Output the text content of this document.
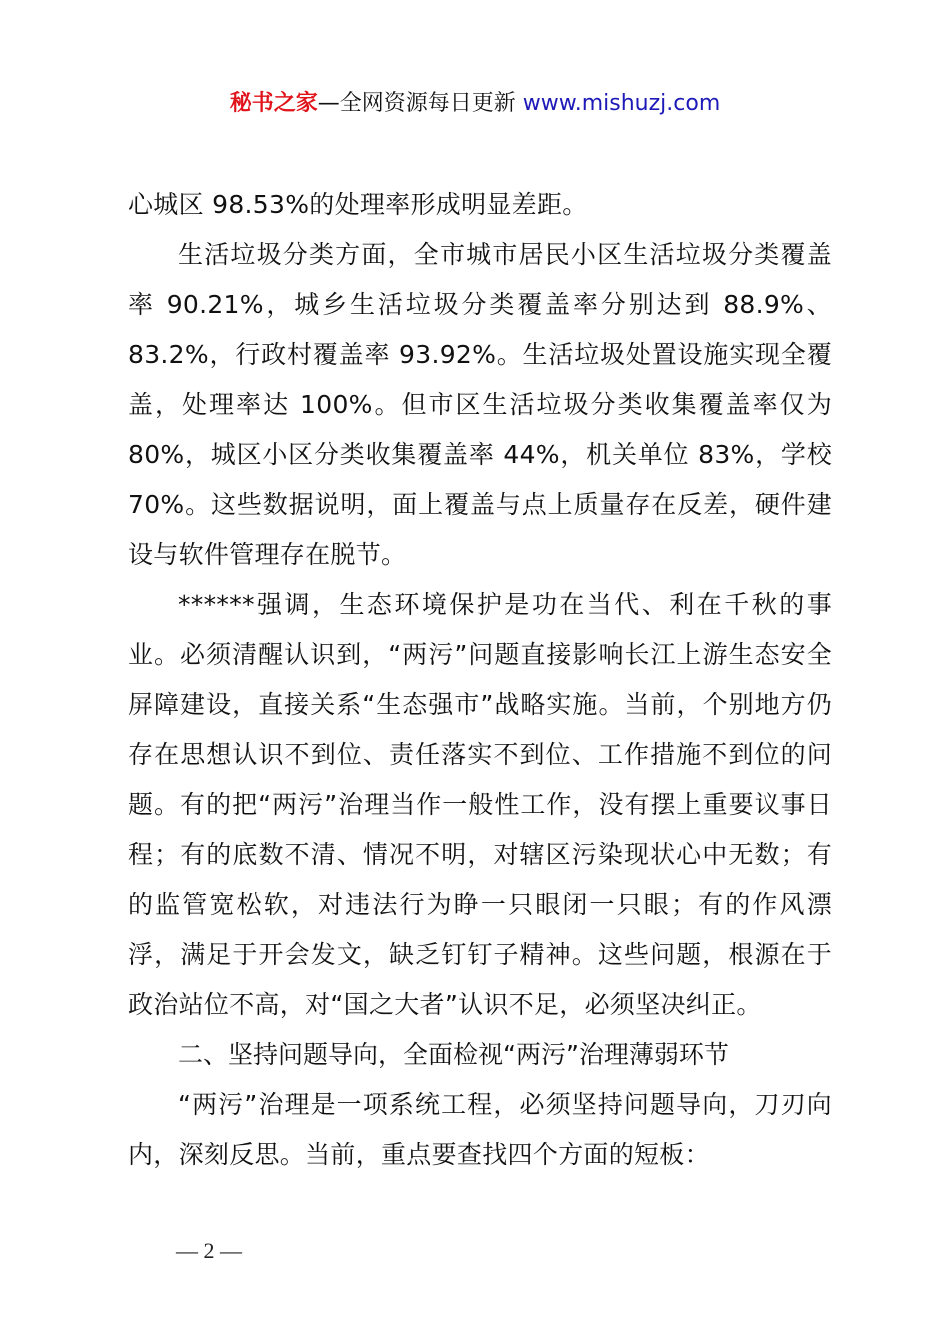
秘书之家—全网资源每日更新 www.mishuzj.com

心城区 98.53%的处理率形成明显差距。

生活垃圾分类方面，全市城市居民小区生活垃圾分类覆盖率 90.21%，城乡生活垃圾分类覆盖率分别达到 88.9%、83.2%，行政村覆盖率 93.92%。生活垃圾处置设施实现全覆盖，处理率达 100%。但市区生活垃圾分类收集覆盖率仅为 80%，城区小区分类收集覆盖率 44%，机关单位 83%，学校 70%。这些数据说明，面上覆盖与点上质量存在反差，硬件建设与软件管理存在脱节。

******强调，生态环境保护是功在当代、利在千秋的事业。必须清醒认识到，“两污”问题直接影响长江上游生态安全屏障建设，直接关系“生态强市”战略实施。当前，个别地方仍存在思想认识不到位、责任落实不到位、工作措施不到位的问题。有的把“两污”治理当作一般性工作，没有摆上重要议事日程；有的底数不清、情况不明，对辖区污染现状心中无数；有的监管宽松软，对违法行为睁一只眼闭一只眼；有的作风漂浮，满足于开会发文，缺乏钉钉子精神。这些问题，根源在于政治站位不高，对“国之大者”认识不足，必须坚决纠正。

二、坚持问题导向，全面检视“两污”治理薄弱环节

“两污”治理是一项系统工程，必须坚持问题导向，刀刃向内，深刻反思。当前，重点要查找四个方面的短板：

— 2 —
